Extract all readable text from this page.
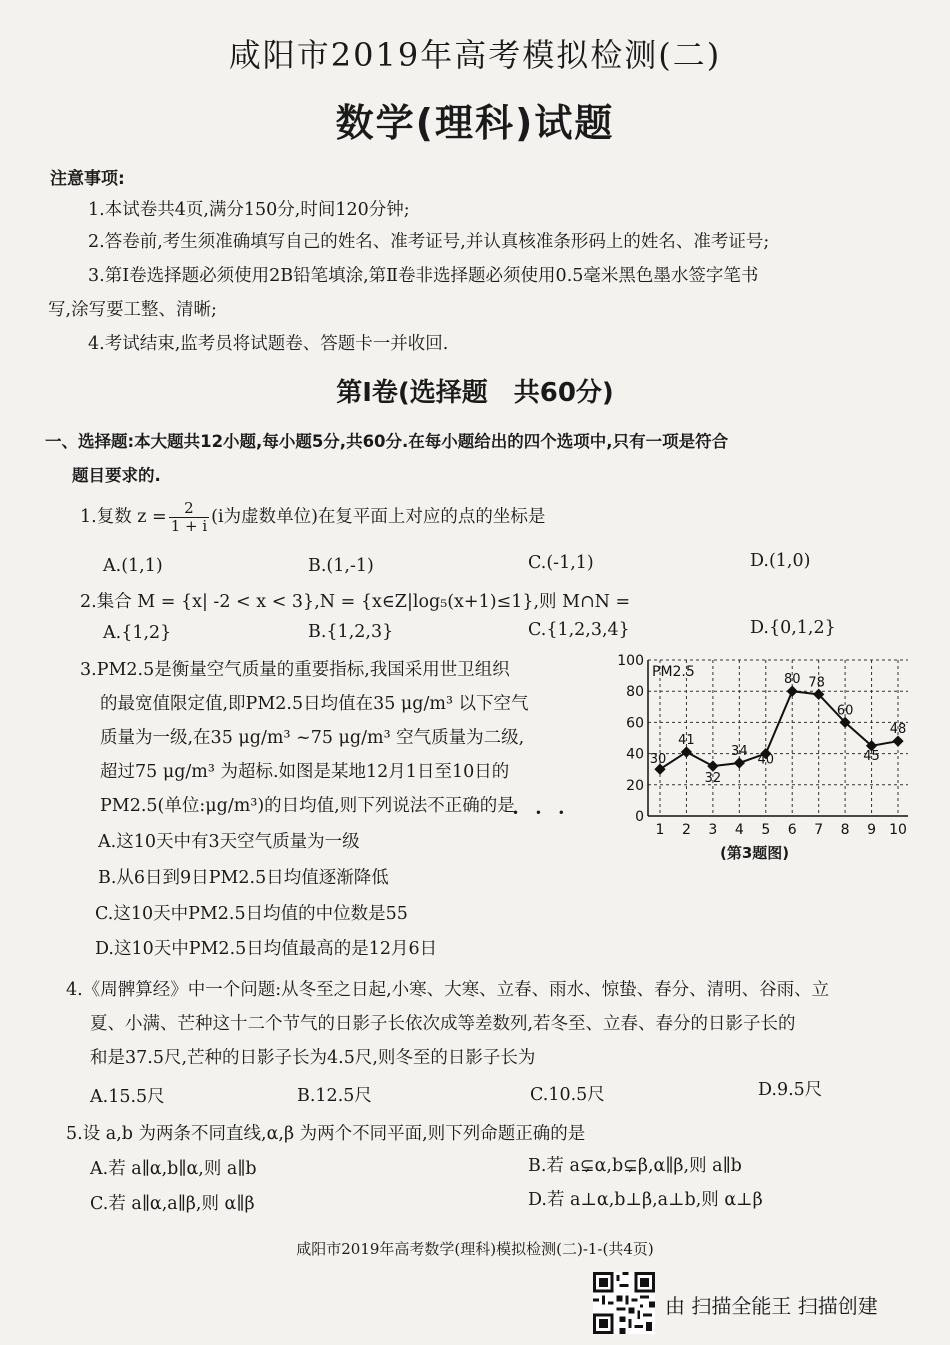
咸阳市2019年高考模拟检测(二)
数学(理科)试题
注意事项:
1.本试卷共4页,满分150分,时间120分钟;
2.答卷前,考生须准确填写自己的姓名、准考证号,并认真核准条形码上的姓名、准考证号;
3.第Ⅰ卷选择题必须使用2B铅笔填涂,第Ⅱ卷非选择题必须使用0.5毫米黑色墨水签字笔书
写,涂写要工整、清晰;
4.考试结束,监考员将试题卷、答题卡一并收回.
第Ⅰ卷(选择题　共60分)
一、选择题:本大题共12小题,每小题5分,共60分.在每小题给出的四个选项中,只有一项是符合
题目要求的.
1.复数 $z = \frac{2}{1 + i} (i$为虚数单位)在复平面上对应的点的坐标是
A.(1,1)	B.(1,-1)	C.(-1,1)	D.(1,0)
2.集合 M = {x| -2 < x < 3},N = {x∈Z|log₅(x+1)≤1},则 M∩N =
A.{1,2}	B.{1,2,3}	C.{1,2,3,4}	D.{0,1,2}
3.PM2.5是衡量空气质量的重要指标,我国采用世卫组织
的最宽值限定值,即PM2.5日均值在35 μg/m³ 以下空气
质量为一级,在35 μg/m³ ~75 μg/m³ 空气质量为二级,
超过75 μg/m³ 为超标.如图是某地12月1日至10日的
PM2.5(单位:μg/m³)的日均值,则下列说法不正确的是
• • •
A.这10天中有3天空气质量为一级
B.从6日到9日PM2.5日均值逐渐降低
C.这10天中PM2.5日均值的中位数是55
D.这10天中PM2.5日均值最高的是12月6日
0
20
40
60
80
100
1 2 3 4 5 6 7 8 9 10
PM2.5
30
41
32
34
40
80 78
60
45
48
(第3题图)
4.《周髀算经》中一个问题:从冬至之日起,小寒、大寒、立春、雨水、惊蛰、春分、清明、谷雨、立
夏、小满、芒种这十二个节气的日影子长依次成等差数列,若冬至、立春、春分的日影子长的
和是37.5尺,芒种的日影子长为4.5尺,则冬至的日影子长为
A.15.5尺	B.12.5尺	C.10.5尺	D.9.5尺
5.设 a,b 为两条不同直线,α,β 为两个不同平面,则下列命题正确的是
A.若 a∥α,b∥α,则 a∥b	B.若 a⊊α,b⊊β,α∥β,则 a∥b
C.若 a∥α,a∥β,则 α∥β	D.若 a⊥α,b⊥β,a⊥b,则 α⊥β
咸阳市2019年高考数学(理科)模拟检测(二)-1-(共4页)
由 扫描全能王 扫描创建
